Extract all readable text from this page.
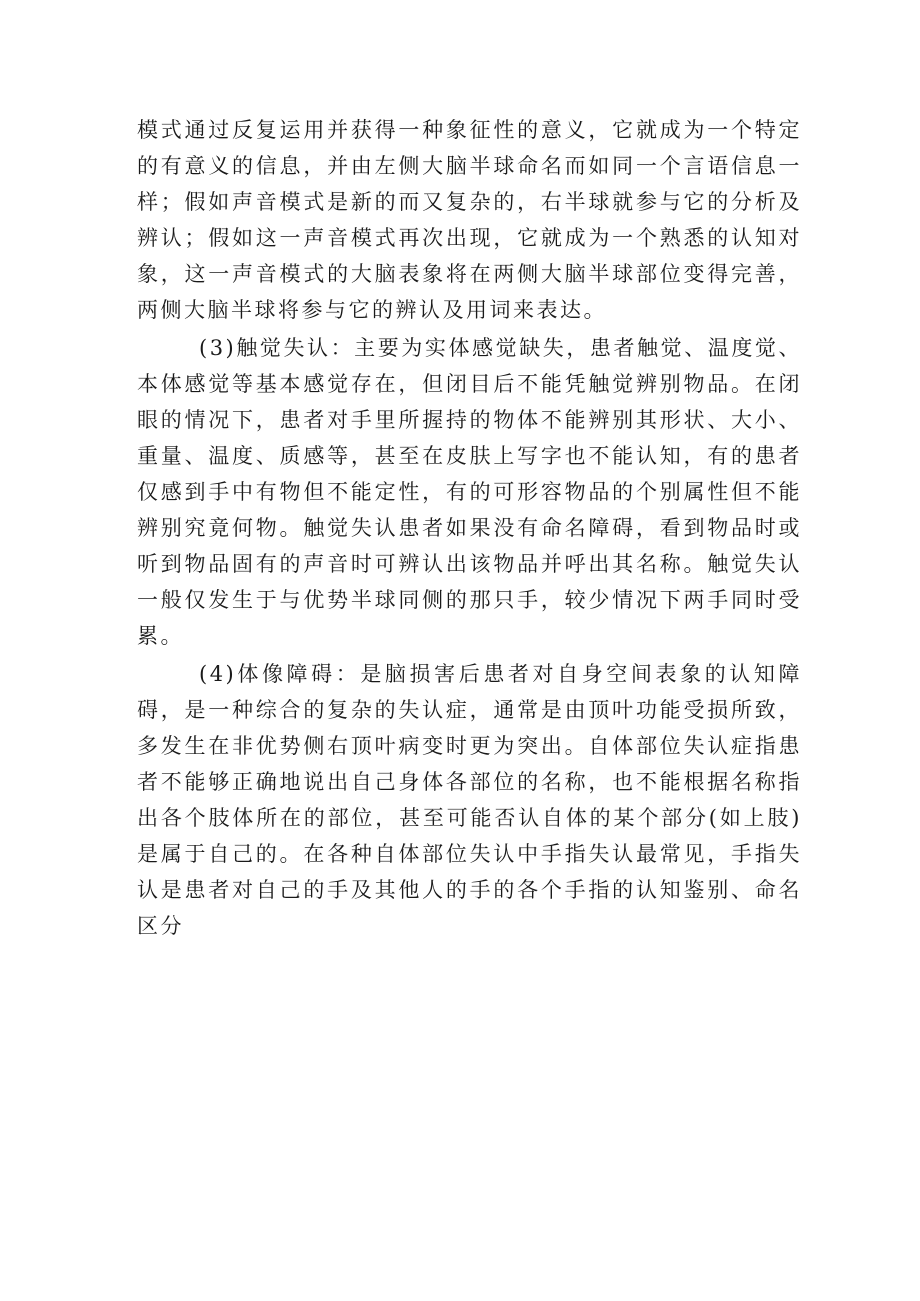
模式通过反复运用并获得一种象征性的意义，它就成为一个特定的有意义的信息，并由左侧大脑半球命名而如同一个言语信息一样；假如声音模式是新的而又复杂的，右半球就参与它的分析及辨认；假如这一声音模式再次出现，它就成为一个熟悉的认知对象，这一声音模式的大脑表象将在两侧大脑半球部位变得完善，两侧大脑半球将参与它的辨认及用词来表达。

(3)触觉失认：主要为实体感觉缺失，患者触觉、温度觉、本体感觉等基本感觉存在，但闭目后不能凭触觉辨别物品。在闭眼的情况下，患者对手里所握持的物体不能辨别其形状、大小、重量、温度、质感等，甚至在皮肤上写字也不能认知，有的患者仅感到手中有物但不能定性，有的可形容物品的个别属性但不能辨别究竟何物。触觉失认患者如果没有命名障碍，看到物品时或听到物品固有的声音时可辨认出该物品并呼出其名称。触觉失认一般仅发生于与优势半球同侧的那只手，较少情况下两手同时受累。

(4)体像障碍：是脑损害后患者对自身空间表象的认知障碍，是一种综合的复杂的失认症，通常是由顶叶功能受损所致，多发生在非优势侧右顶叶病变时更为突出。自体部位失认症指患者不能够正确地说出自己身体各部位的名称，也不能根据名称指出各个肢体所在的部位，甚至可能否认自体的某个部分(如上肢)是属于自己的。在各种自体部位失认中手指失认最常见，手指失认是患者对自己的手及其他人的手的各个手指的认知鉴别、命名区分
